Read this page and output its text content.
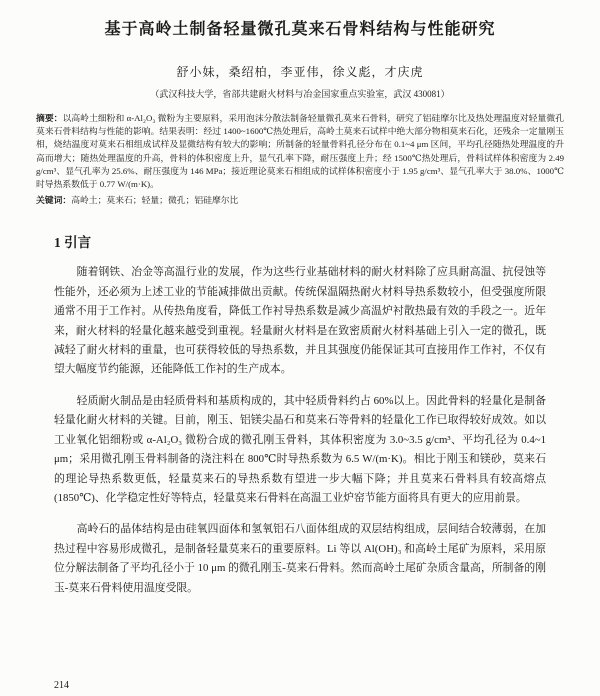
基于高岭土制备轻量微孔莫来石骨料结构与性能研究
舒小妹，桑绍柏，李亚伟，徐义彪，才庆虎
（武汉科技大学，省部共建耐火材料与冶金国家重点实验室，武汉 430081）

摘要：以高岭土细粉和 α-Al₂O₃ 微粉为主要原料，采用泡沫分散法制备轻量微孔莫来石骨料，研究了铝硅摩尔比及热处理温度对轻量微孔莫来石骨料结构与性能的影响。结果表明：经过 1400~1600℃热处理后，高岭土莫来石试样中绝大部分物相莫来石化，还残余一定量刚玉相，烧结温度对莫来石相组成试样及显微结构有较大的影响；所制备的轻量骨料孔径分布在 0.1~4 μm 区间，平均孔径随热处理温度的升高而增大；随热处理温度的升高，骨料的体积密度上升，显气孔率下降，耐压强度上升；经 1500℃热处理后，骨料试样体积密度为 2.49 g/cm³、显气孔率为 25.6%、耐压强度为 146 MPa；接近理论莫来石相组成的试样体积密度小于 1.95 g/cm³、显气孔率大于 38.0%、1000℃时导热系数低于 0.77 W/(m·K)。

关键词：高岭土；莫来石；轻量；微孔；铝硅摩尔比

1 引言

随着钢铁、冶金等高温行业的发展，作为这些行业基础材料的耐火材料除了应具耐高温、抗侵蚀等性能外，还必须为上述工业的节能减排做出贡献。传统保温隔热耐火材料导热系数较小，但受强度所限通常不用于工作衬。从传热角度看，降低工作衬导热系数是减少高温炉衬散热最有效的手段之一。近年来，耐火材料的轻量化越来越受到重视。轻量耐火材料是在致密质耐火材料基础上引入一定的微孔，既减轻了耐火材料的重量，也可获得较低的导热系数，并且其强度仍能保证其可直接用作工作衬，不仅有望大幅度节约能源，还能降低工作衬的生产成本。

轻质耐火制品是由轻质骨料和基质构成的，其中轻质骨料约占 60%以上。因此骨料的轻量化是制备轻量化耐火材料的关键。目前，刚玉、铝镁尖晶石和莫来石等骨料的轻量化工作已取得较好成效。如以工业氧化铝细粉或 α-Al₂O₃ 微粉合成的微孔刚玉骨料，其体积密度为 3.0~3.5 g/cm³、平均孔径为 0.4~1 μm；采用微孔刚玉骨料制备的浇注料在 800℃时导热系数为 6.5 W/(m·K)。相比于刚玉和镁砂，莫来石的理论导热系数更低，轻量莫来石的导热系数有望进一步大幅下降；并且莫来石骨料具有较高熔点(1850℃)、化学稳定性好等特点，轻量莫来石骨料在高温工业炉窑节能方面将具有更大的应用前景。

高岭石的晶体结构是由硅氧四面体和氢氧铝石八面体组成的双层结构组成，层间结合较薄弱，在加热过程中容易形成微孔，是制备轻量莫来石的重要原料。Li 等以 Al(OH)₃ 和高岭土尾矿为原料，采用原位分解法制备了平均孔径小于 10 μm 的微孔刚玉-莫来石骨料。然而高岭土尾矿杂质含量高，所制备的刚玉-莫来石骨料使用温度受限。

214
